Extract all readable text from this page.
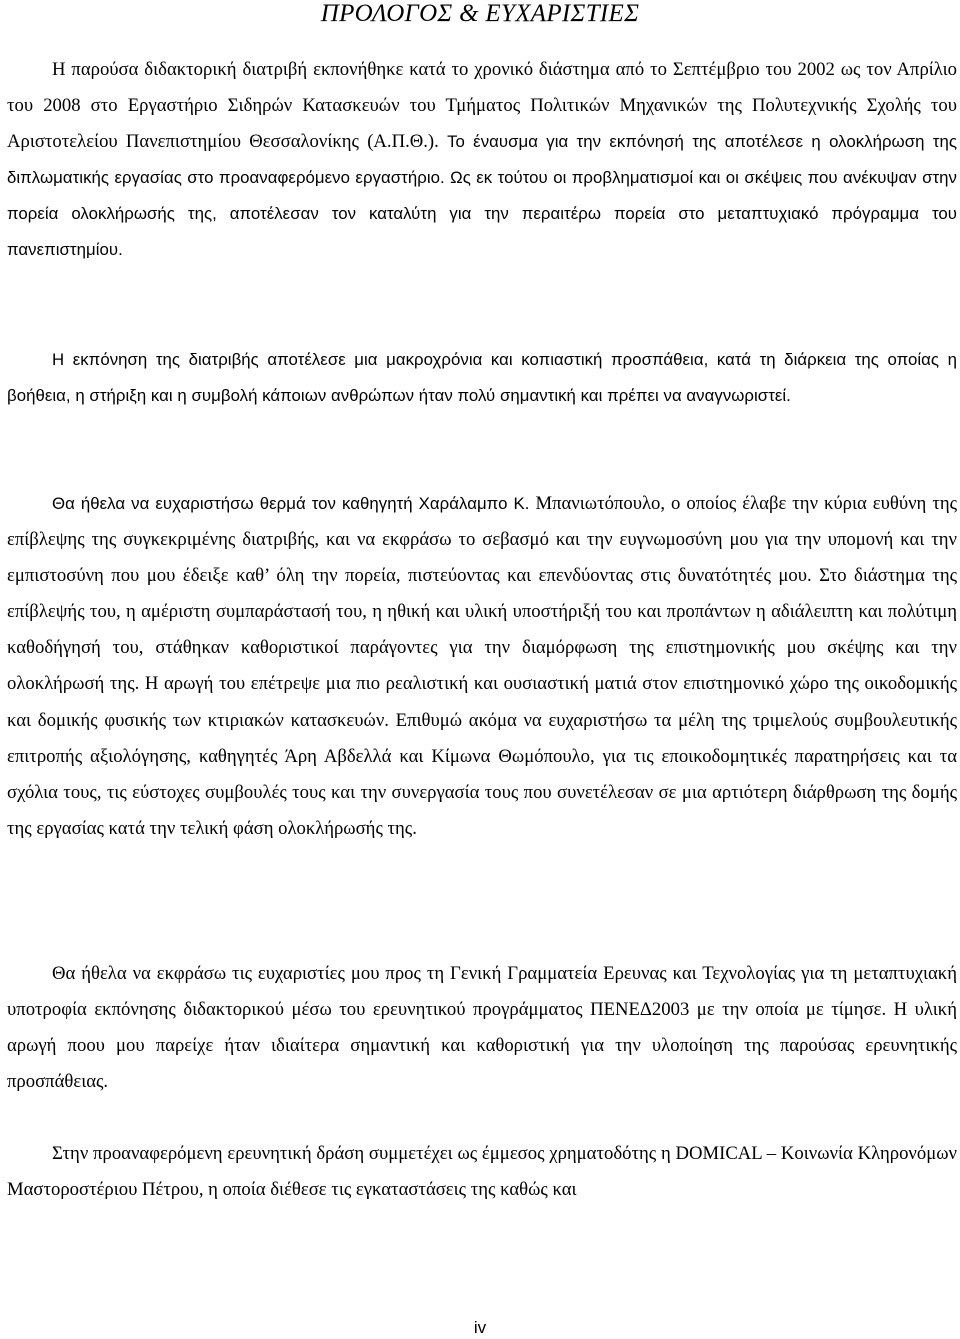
ΠΡΟΛΟΓΟΣ & ΕΥΧΑΡΙΣΤΙΕΣ

Η παρούσα διδακτορική διατριβή εκπονήθηκε κατά το χρονικό διάστημα από το Σεπτέμβριο του 2002 ως τον Απρίλιο του 2008 στο Εργαστήριο Σιδηρών Κατασκευών του Τμήματος Πολιτικών Μηχανικών της Πολυτεχνικής Σχολής του Αριστοτελείου Πανεπιστημίου Θεσσαλονίκης (Α.Π.Θ.). Το έναυσμα για την εκπόνησή της αποτέλεσε η ολοκλήρωση της διπλωματικής εργασίας στο προαναφερόμενο εργαστήριο. Ως εκ τούτου οι προβληματισμοί και οι σκέψεις που ανέκυψαν στην πορεία ολοκλήρωσής της, αποτέλεσαν τον καταλύτη για την περαιτέρω πορεία στο μεταπτυχιακό πρόγραμμα του πανεπιστημίου.

Η εκπόνηση της διατριβής αποτέλεσε μια μακροχρόνια και κοπιαστική προσπάθεια, κατά τη διάρκεια της οποίας η βοήθεια, η στήριξη και η συμβολή κάποιων ανθρώπων ήταν πολύ σημαντική και πρέπει να αναγνωριστεί.

Θα ήθελα να ευχαριστήσω θερμά τον καθηγητή Χαράλαμπο Κ. Μπανιωτόπουλο, ο οποίος έλαβε την κύρια ευθύνη της επίβλεψης της συγκεκριμένης διατριβής, και να εκφράσω το σεβασμό και την ευγνωμοσύνη μου για την υπομονή και την εμπιστοσύνη που μου έδειξε καθ’ όλη την πορεία, πιστεύοντας και επενδύοντας στις δυνατότητές μου. Στο διάστημα της επίβλεψής του, η αμέριστη συμπαράστασή του, η ηθική και υλική υποστήριξή του και προπάντων η αδιάλειπτη και πολύτιμη καθοδήγησή του, στάθηκαν καθοριστικοί παράγοντες για την διαμόρφωση της επιστημονικής μου σκέψης και την ολοκλήρωσή της. Η αρωγή του επέτρεψε μια πιο ρεαλιστική και ουσιαστική ματιά στον επιστημονικό χώρο της οικοδομικής και δομικής φυσικής των κτιριακών κατασκευών. Επιθυμώ ακόμα να ευχαριστήσω τα μέλη της τριμελούς συμβουλευτικής επιτροπής αξιολόγησης, καθηγητές Άρη Αβδελλά και Κίμωνα Θωμόπουλο, για τις εποικοδομητικές παρατηρήσεις και τα σχόλια τους, τις εύστοχες συμβουλές τους και την συνεργασία τους που συνετέλεσαν σε μια αρτιότερη διάρθρωση της δομής της εργασίας κατά την τελική φάση ολοκλήρωσής της.

Θα ήθελα να εκφράσω τις ευχαριστίες μου προς τη Γενική Γραμματεία Ερευνας και Τεχνολογίας για τη μεταπτυχιακή υποτροφία εκπόνησης διδακτορικού μέσω του ερευνητικού προγράμματος ΠΕΝΕΔ2003 με την οποία με τίμησε. Η υλική αρωγή ποου μου παρείχε ήταν ιδιαίτερα σημαντική και καθοριστική για την υλοποίηση της παρούσας ερευνητικής προσπάθειας.

Στην προαναφερόμενη ερευνητική δράση συμμετέχει ως έμμεσος χρηματοδότης η DOMICAL – Κοινωνία Κληρονόμων Μαστοροστέριου Πέτρου, η οποία διέθεσε τις εγκαταστάσεις της καθώς και

iv
